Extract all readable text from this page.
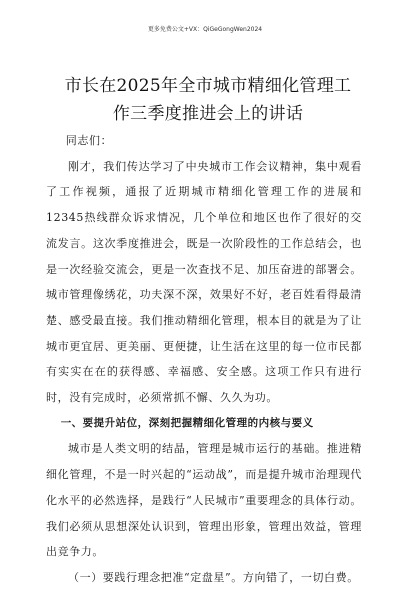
更多免费公文+VX：QiGeGongWen2024
市长在2025年全市城市精细化管理工作三季度推进会上的讲话

同志们：

刚才，我们传达学习了中央城市工作会议精神，集中观看了工作视频，通报了近期城市精细化管理工作的进展和12345热线群众诉求情况，几个单位和地区也作了很好的交流发言。这次季度推进会，既是一次阶段性的工作总结会，也是一次经验交流会，更是一次查找不足、加压奋进的部署会。城市管理像绣花，功夫深不深，效果好不好，老百姓看得最清楚、感受最直接。我们推动精细化管理，根本目的就是为了让城市更宜居、更美丽、更便捷，让生活在这里的每一位市民都有实实在在的获得感、幸福感、安全感。这项工作只有进行时，没有完成时，必须常抓不懈、久久为功。

一、要提升站位，深刻把握精细化管理的内核与要义

城市是人类文明的结晶，管理是城市运行的基础。推进精细化管理，不是一时兴起的“运动战”，而是提升城市治理现代化水平的必然选择，是践行“人民城市”重要理念的具体行动。我们必须从思想深处认识到，管理出形象，管理出效益，管理出竞争力。

（一）要践行理念把准“定盘星”。方向错了，一切白费。
